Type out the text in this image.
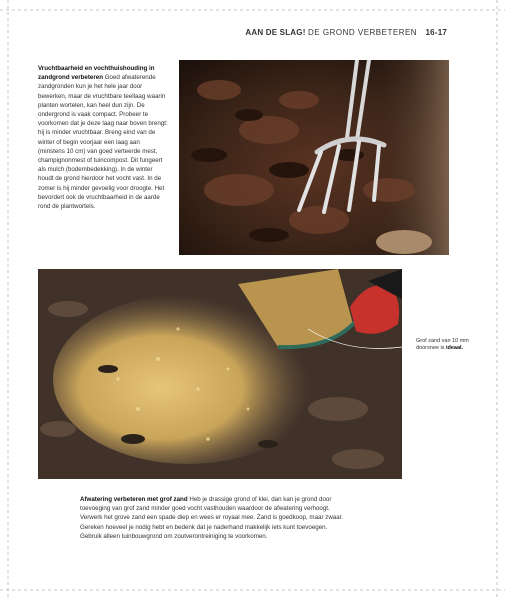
AAN DE SLAG! DE GROND VERBETEREN 16-17
Vruchtbaarheid en vochthuishouding in zandgrond verbeteren Goed afwaterende zandgronden kun je het hele jaar door bewerken, maar de vruchtbare teellaag waarin planten wortelen, kan heel dun zijn. De ondergrond is vaak compact. Probeer te voorkomen dat je deze laag naar boven brengt: hij is minder vruchtbaar. Breng eind van de winter of begin voorjaar een laag aan (minstens 10 cm) van goed verteerde mest, champignonmest of tuincompost. Dit fungeert als mulch (bodembedekking). In de winter houdt de grond hierdoor het vocht vast. In de zomer is hij minder gevoelig voor droogte. Het bevordert ook de vruchtbaarheid in de aarde rond de plantwortels.
Grof zand van 10 mm doorsnee is ideaal.
Afwatering verbeteren met grof zand Heb je drassige grond of klei, dan kan je grond door toevoeging van grof zand minder goed vocht vasthouden waardoor de afwatering verhoogt. Verwerk het grove zand een spade diep en wees er royaal mee. Zand is goedkoop, maar zwaar. Gereken hoeveel je nodig hebt en bedenk dat je naderhand makkelijk iets kunt toevoegen. Gebruik alleen tuinbouwgrond om zoutverontreiniging te voorkomen.
